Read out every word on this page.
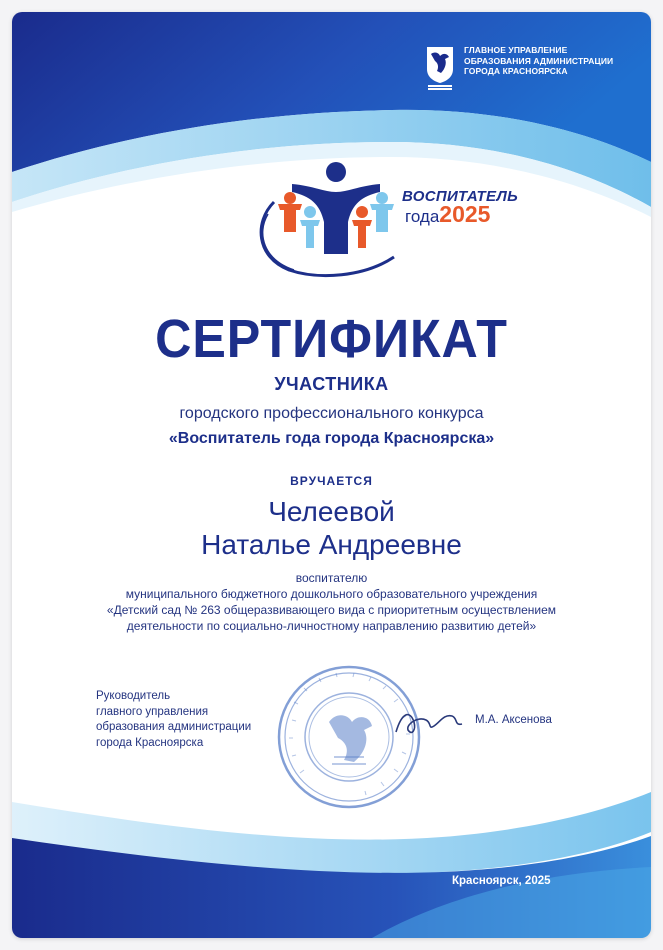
ГЛАВНОЕ УПРАВЛЕНИЕ
ОБРАЗОВАНИЯ АДМИНИСТРАЦИИ
ГОРОДА КРАСНОЯРСКА
ВОСПИТАТЕЛЬ
года2025
СЕРТИФИКАТ
УЧАСТНИКА
городского профессионального конкурса
«Воспитатель года города Красноярска»
ВРУЧАЕТСЯ
Челеевой
Наталье Андреевне
воспитателю
муниципального бюджетного дошкольного образовательного учреждения
«Детский сад № 263 общеразвивающего вида с приоритетным осуществлением
деятельности по социально-личностному направлению развитию детей»
Руководитель
главного управления
образования администрации
города Красноярска
М.А. Аксенова
Красноярск, 2025
